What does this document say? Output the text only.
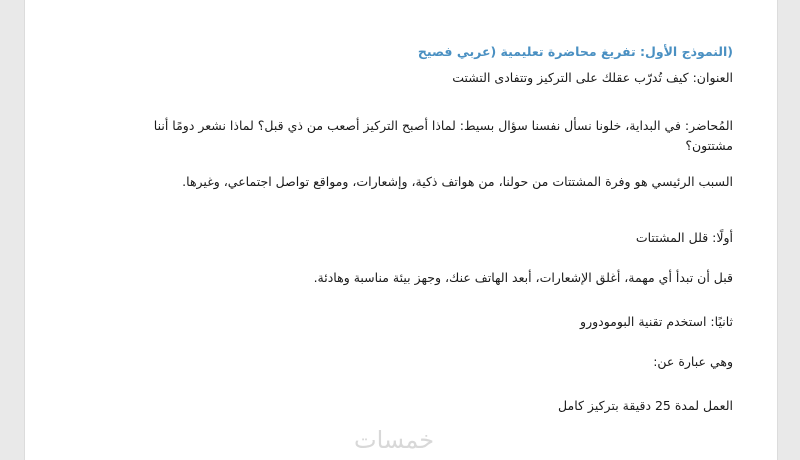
(النموذج الأول: تفريغ محاضرة تعليمية (عربي فصيح
العنوان: كيف تُدرّب عقلك على التركيز وتتفادى التشتت
المُحاضر: في البداية، خلونا نسأل نفسنا سؤال بسيط: لماذا أصبح التركيز أصعب من ذي قبل؟ لماذا نشعر دومًا أننا مشتتون؟
السبب الرئيسي هو وفرة المشتتات من حولنا، من هواتف ذكية، وإشعارات، ومواقع تواصل اجتماعي، وغيرها.
أولًا: قلل المشتتات
قبل أن تبدأ أي مهمة، أغلق الإشعارات، أبعد الهاتف عنك، وجهز بيئة مناسبة وهادئة.
ثانيًا: استخدم تقنية البومودورو
وهي عبارة عن:
العمل لمدة 25 دقيقة بتركيز كامل
خمسات
